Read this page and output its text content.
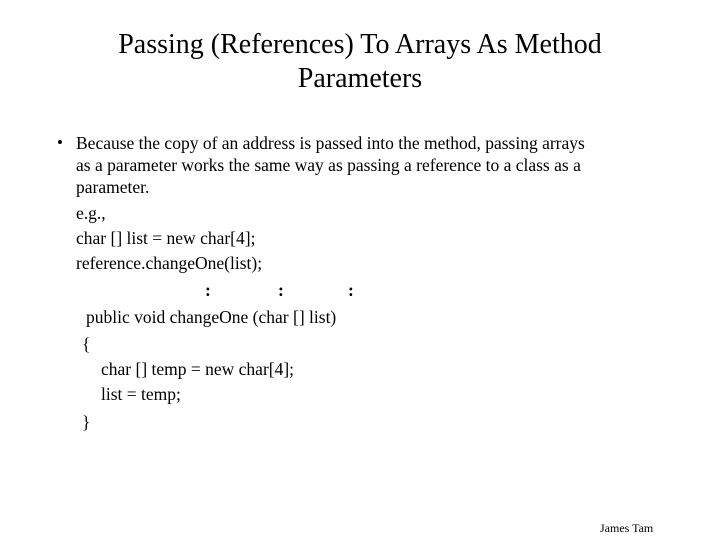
Passing (References) To Arrays As Method
Parameters
• Because the copy of an address is passed into the method, passing arrays
as a parameter works the same way as passing a reference to a class as a
parameter.
e.g.,
char [] list = new char[4];
reference.changeOne(list);
:	:	:
public void changeOne (char [] list)
{
char [] temp = new char[4];
list = temp;
}
James Tam
